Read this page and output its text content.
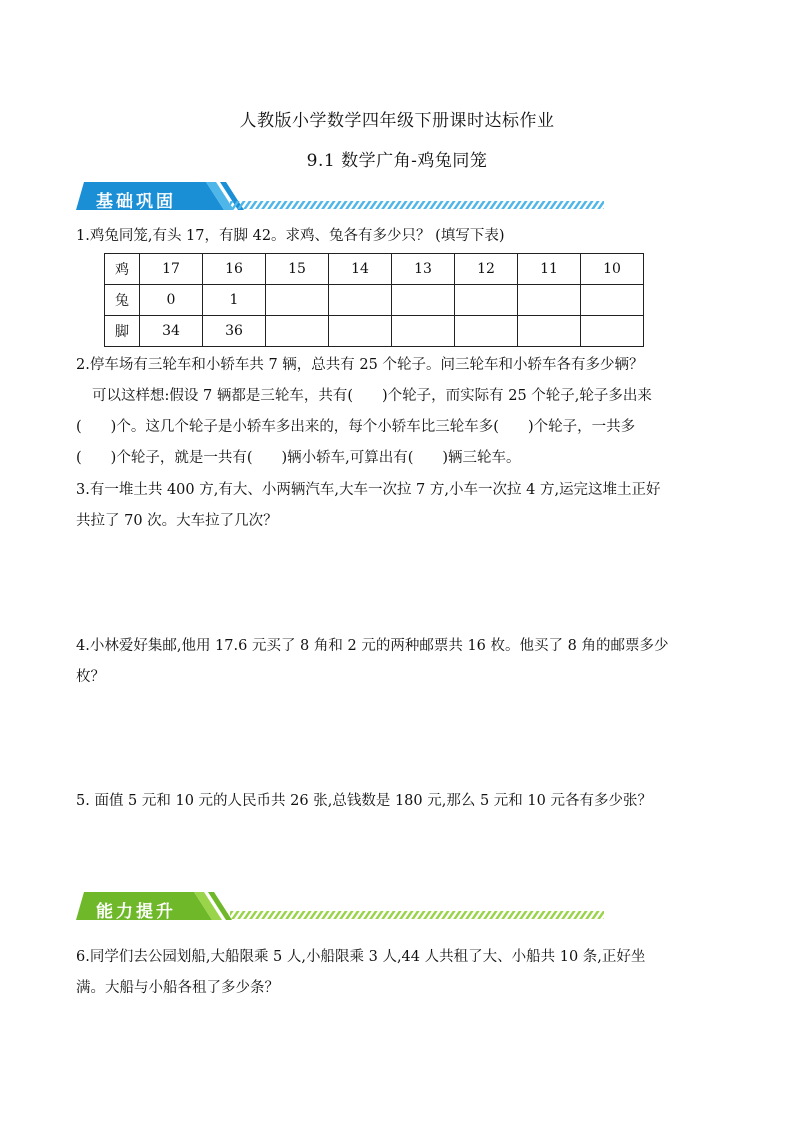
人教版小学数学四年级下册课时达标作业
9.1 数学广角-鸡兔同笼
基础巩固
1.鸡兔同笼,有头 17，有脚 42。求鸡、兔各有多少只？ (填写下表)
鸡	17	16	15	14	13	12	11	10
兔	0	1						
脚	34	36						
2.停车场有三轮车和小轿车共 7 辆，总共有 25 个轮子。问三轮车和小轿车各有多少辆？
可以这样想:假设 7 辆都是三轮车，共有(　　)个轮子，而实际有 25 个轮子,轮子多出来
(　　)个。这几个轮子是小轿车多出来的，每个小轿车比三轮车多(　　)个轮子，一共多
(　　)个轮子，就是一共有(　　)辆小轿车,可算出有(　　)辆三轮车。
3.有一堆土共 400 方,有大、小两辆汽车,大车一次拉 7 方,小车一次拉 4 方,运完这堆土正好
共拉了 70 次。大车拉了几次？
4.小林爱好集邮,他用 17.6 元买了 8 角和 2 元的两种邮票共 16 枚。他买了 8 角的邮票多少
枚？
5. 面值 5 元和 10 元的人民币共 26 张,总钱数是 180 元,那么 5 元和 10 元各有多少张？
能力提升
6.同学们去公园划船,大船限乘 5 人,小船限乘 3 人,44 人共租了大、小船共 10 条,正好坐
满。大船与小船各租了多少条？
